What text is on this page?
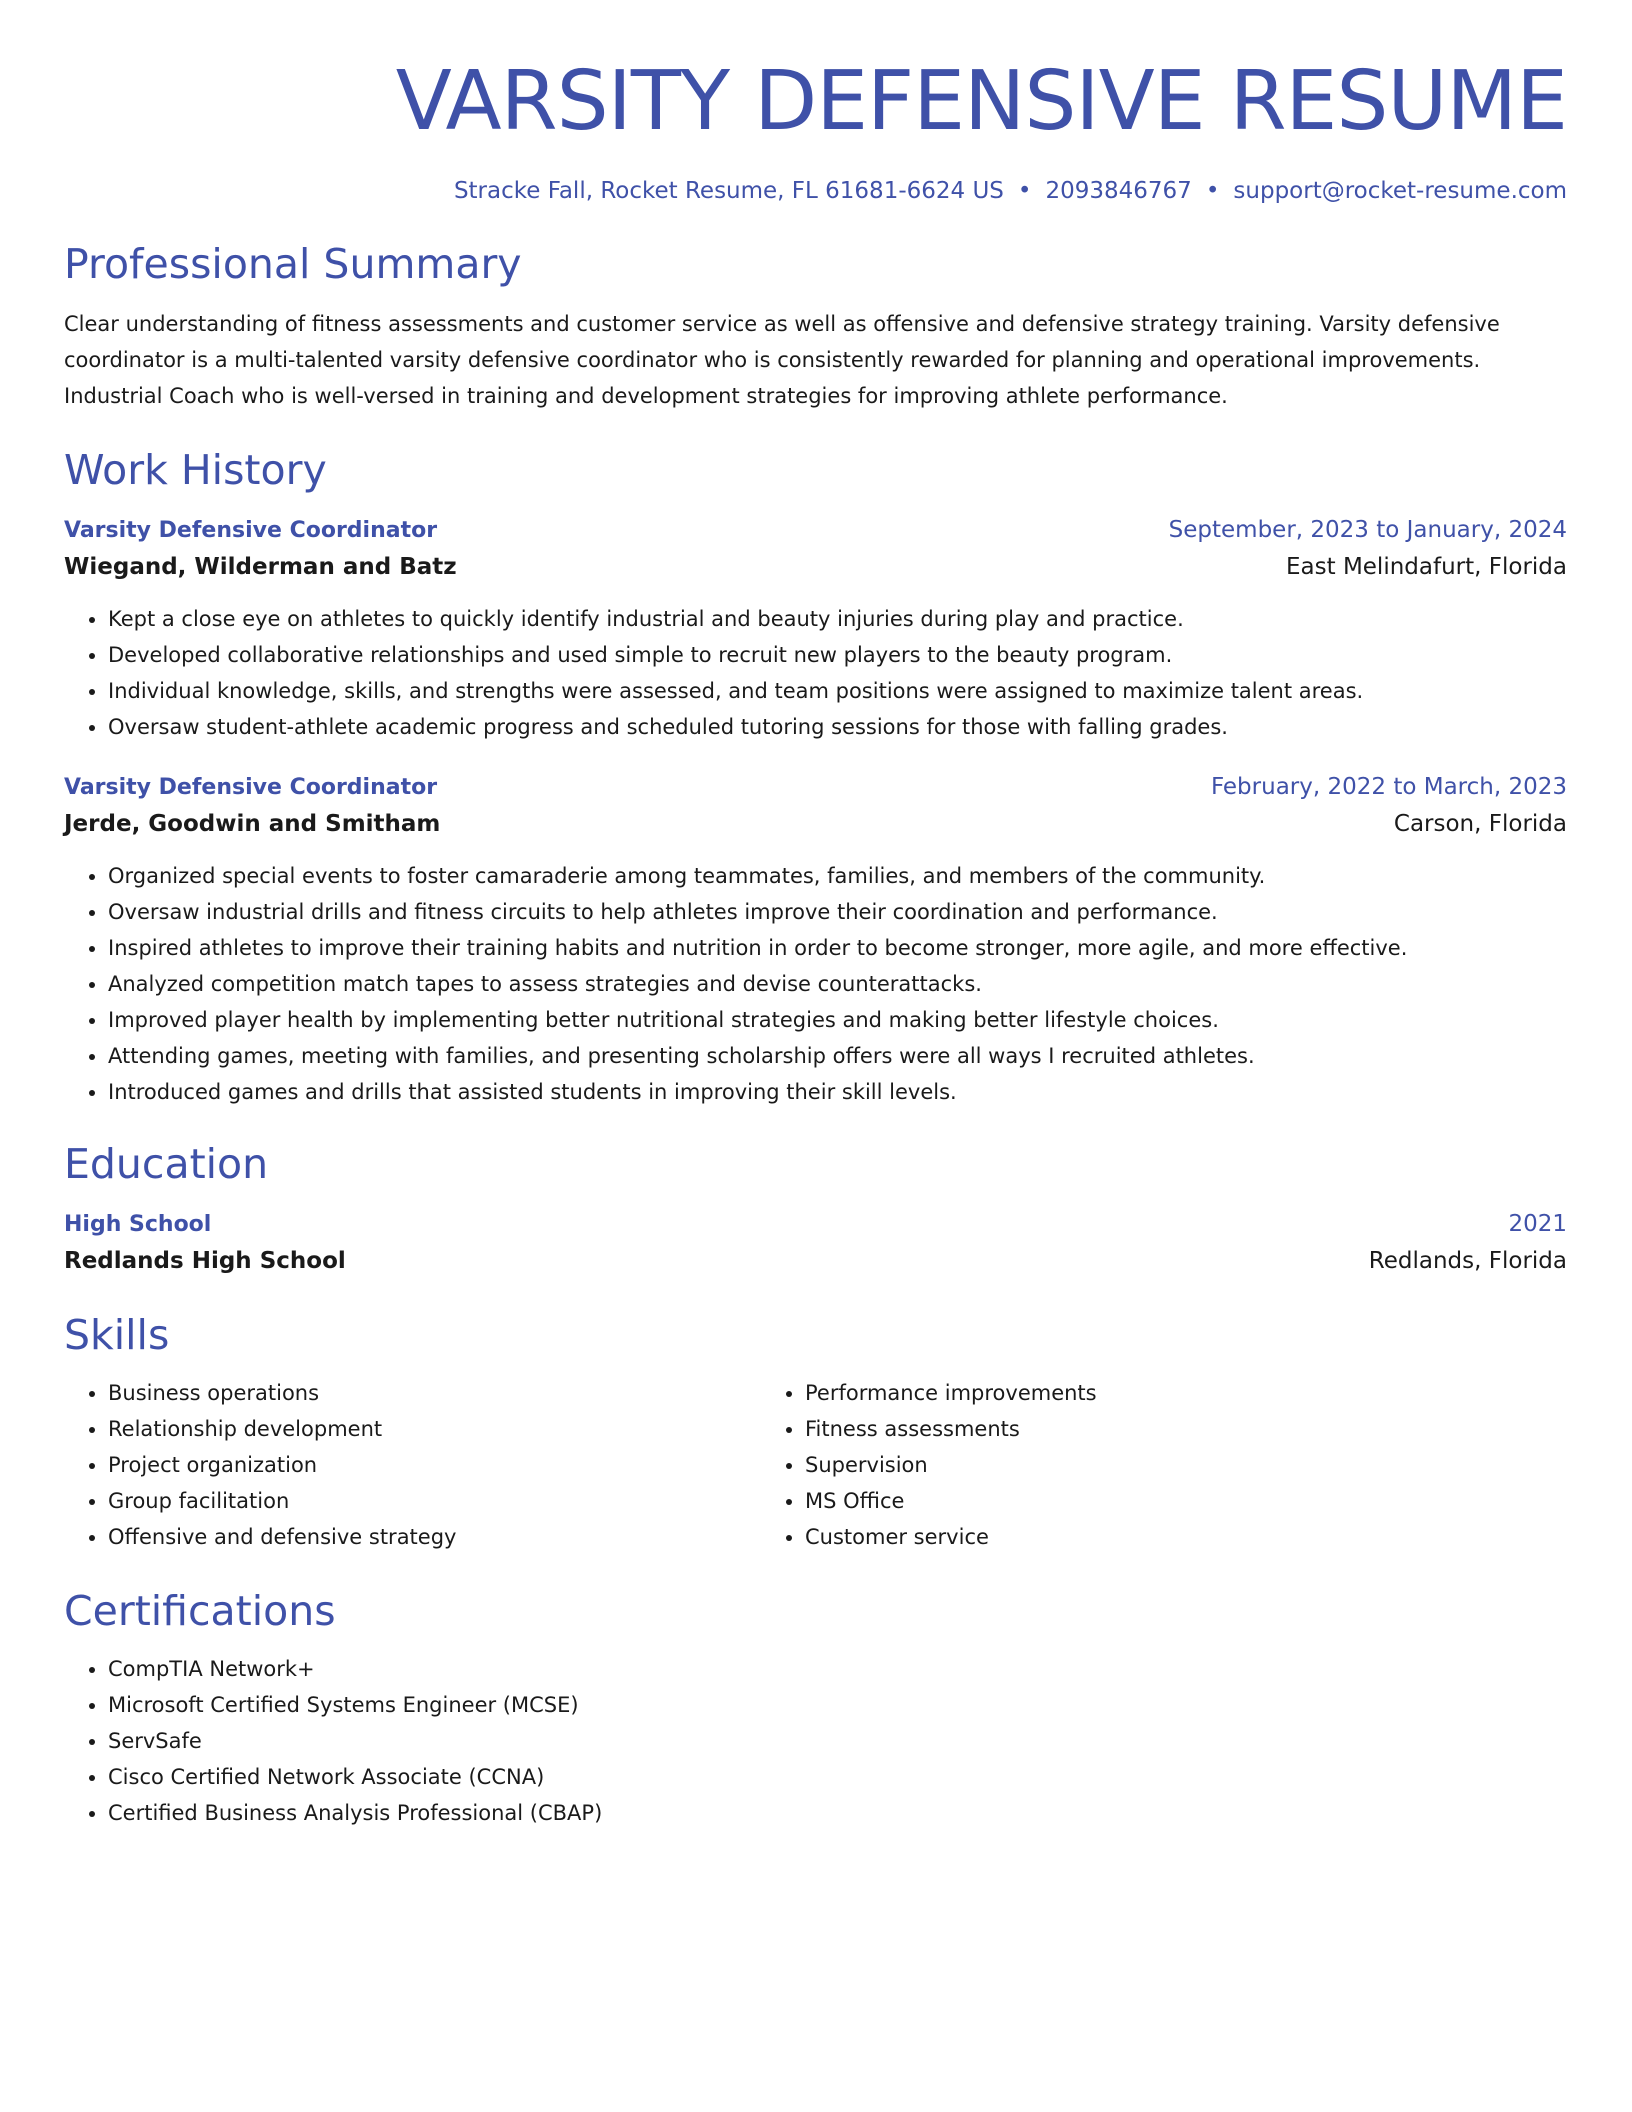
VARSITY DEFENSIVE RESUME
Stracke Fall, Rocket Resume, FL 61681-6624 US • 2093846767 • support@rocket-resume.com
Professional Summary
Clear understanding of fitness assessments and customer service as well as offensive and defensive strategy training. Varsity defensive coordinator is a multi-talented varsity defensive coordinator who is consistently rewarded for planning and operational improvements. Industrial Coach who is well-versed in training and development strategies for improving athlete performance.
Work History
Varsity Defensive Coordinator	September, 2023 to January, 2024
Wiegand, Wilderman and Batz	East Melindafurt, Florida
• Kept a close eye on athletes to quickly identify industrial and beauty injuries during play and practice.
• Developed collaborative relationships and used simple to recruit new players to the beauty program.
• Individual knowledge, skills, and strengths were assessed, and team positions were assigned to maximize talent areas.
• Oversaw student-athlete academic progress and scheduled tutoring sessions for those with falling grades.
Varsity Defensive Coordinator	February, 2022 to March, 2023
Jerde, Goodwin and Smitham	Carson, Florida
• Organized special events to foster camaraderie among teammates, families, and members of the community.
• Oversaw industrial drills and fitness circuits to help athletes improve their coordination and performance.
• Inspired athletes to improve their training habits and nutrition in order to become stronger, more agile, and more effective.
• Analyzed competition match tapes to assess strategies and devise counterattacks.
• Improved player health by implementing better nutritional strategies and making better lifestyle choices.
• Attending games, meeting with families, and presenting scholarship offers were all ways I recruited athletes.
• Introduced games and drills that assisted students in improving their skill levels.
Education
High School	2021
Redlands High School	Redlands, Florida
Skills
• Business operations
• Relationship development
• Project organization
• Group facilitation
• Offensive and defensive strategy
• Performance improvements
• Fitness assessments
• Supervision
• MS Office
• Customer service
Certifications
• CompTIA Network+
• Microsoft Certified Systems Engineer (MCSE)
• ServSafe
• Cisco Certified Network Associate (CCNA)
• Certified Business Analysis Professional (CBAP)
